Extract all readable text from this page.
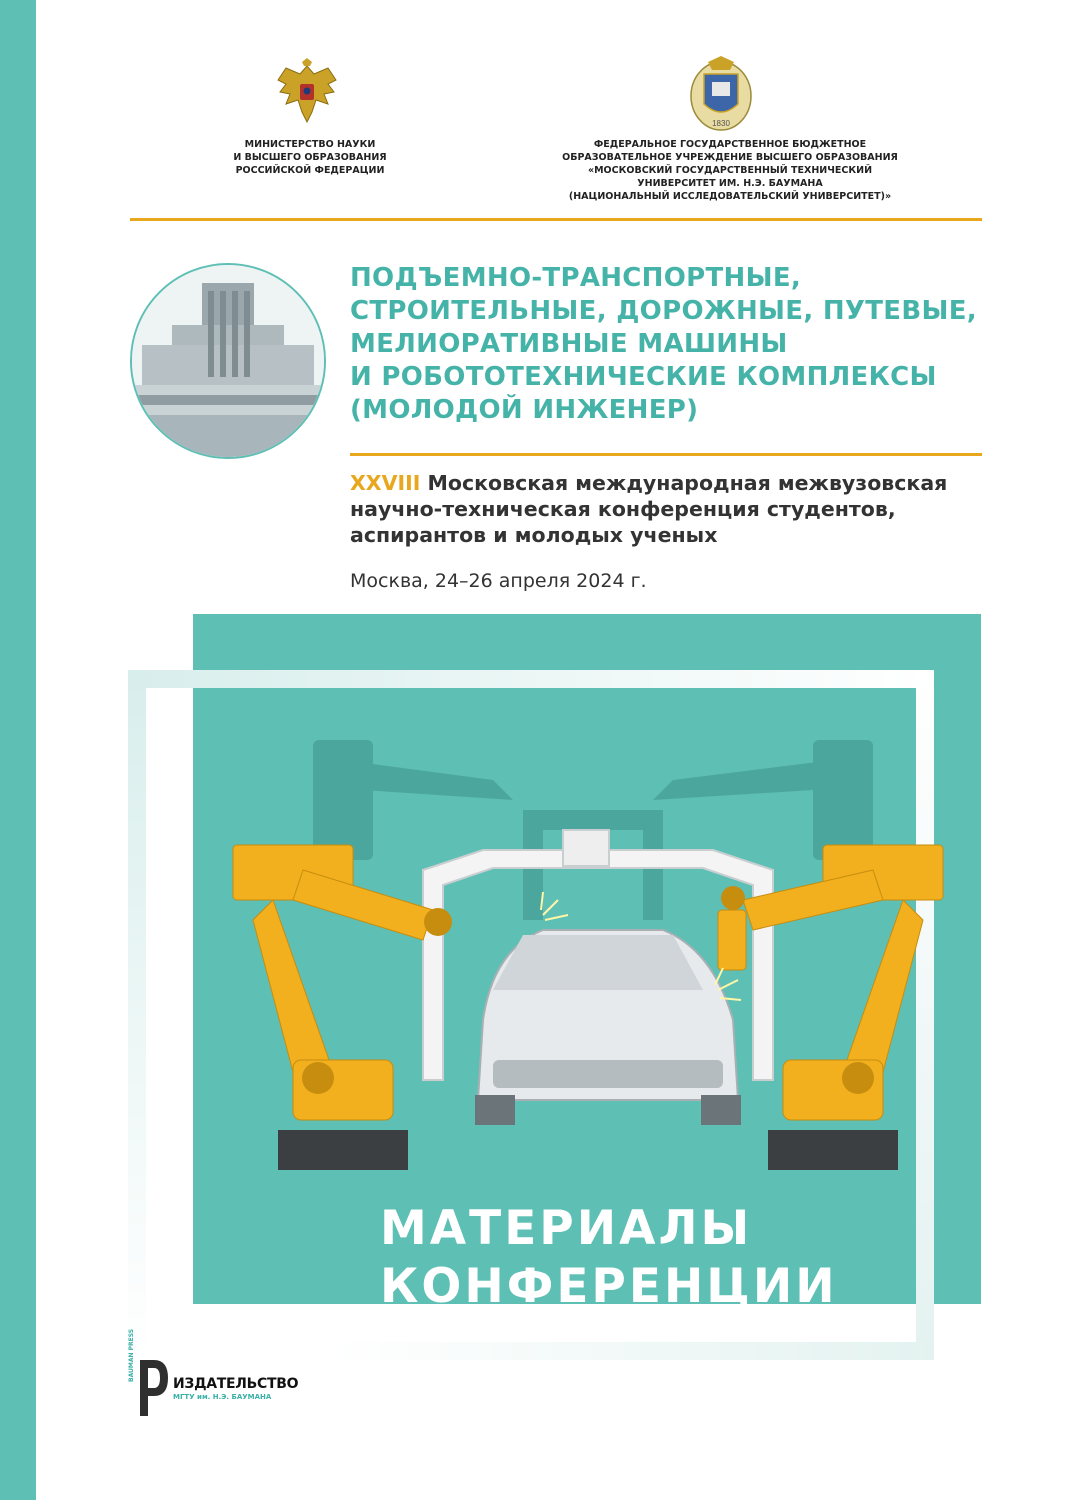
МИНИСТЕРСТВО НАУКИ
И ВЫСШЕГО ОБРАЗОВАНИЯ
РОССИЙСКОЙ ФЕДЕРАЦИИ
1830
ФЕДЕРАЛЬНОЕ ГОСУДАРСТВЕННОЕ БЮДЖЕТНОЕ
ОБРАЗОВАТЕЛЬНОЕ УЧРЕЖДЕНИЕ ВЫСШЕГО ОБРАЗОВАНИЯ
«МОСКОВСКИЙ ГОСУДАРСТВЕННЫЙ ТЕХНИЧЕСКИЙ
УНИВЕРСИТЕТ ИМ. Н.Э. БАУМАНА
(НАЦИОНАЛЬНЫЙ ИССЛЕДОВАТЕЛЬСКИЙ УНИВЕРСИТЕТ)»
ПОДЪЕМНО-ТРАНСПОРТНЫЕ,
СТРОИТЕЛЬНЫЕ, ДОРОЖНЫЕ, ПУТЕВЫЕ,
МЕЛИОРАТИВНЫЕ МАШИНЫ
И РОБОТОТЕХНИЧЕСКИЕ КОМПЛЕКСЫ
(МОЛОДОЙ ИНЖЕНЕР)
XXVIII Московская международная межвузовская
научно-техническая конференция студентов,
аспирантов и молодых ученых
Москва, 24–26 апреля 2024 г.
МАТЕРИАЛЫ
КОНФЕРЕНЦИИ
BAUMAN PRESS
ИЗДАТЕЛЬСТВО
МГТУ им. Н.Э. БАУМАНА
